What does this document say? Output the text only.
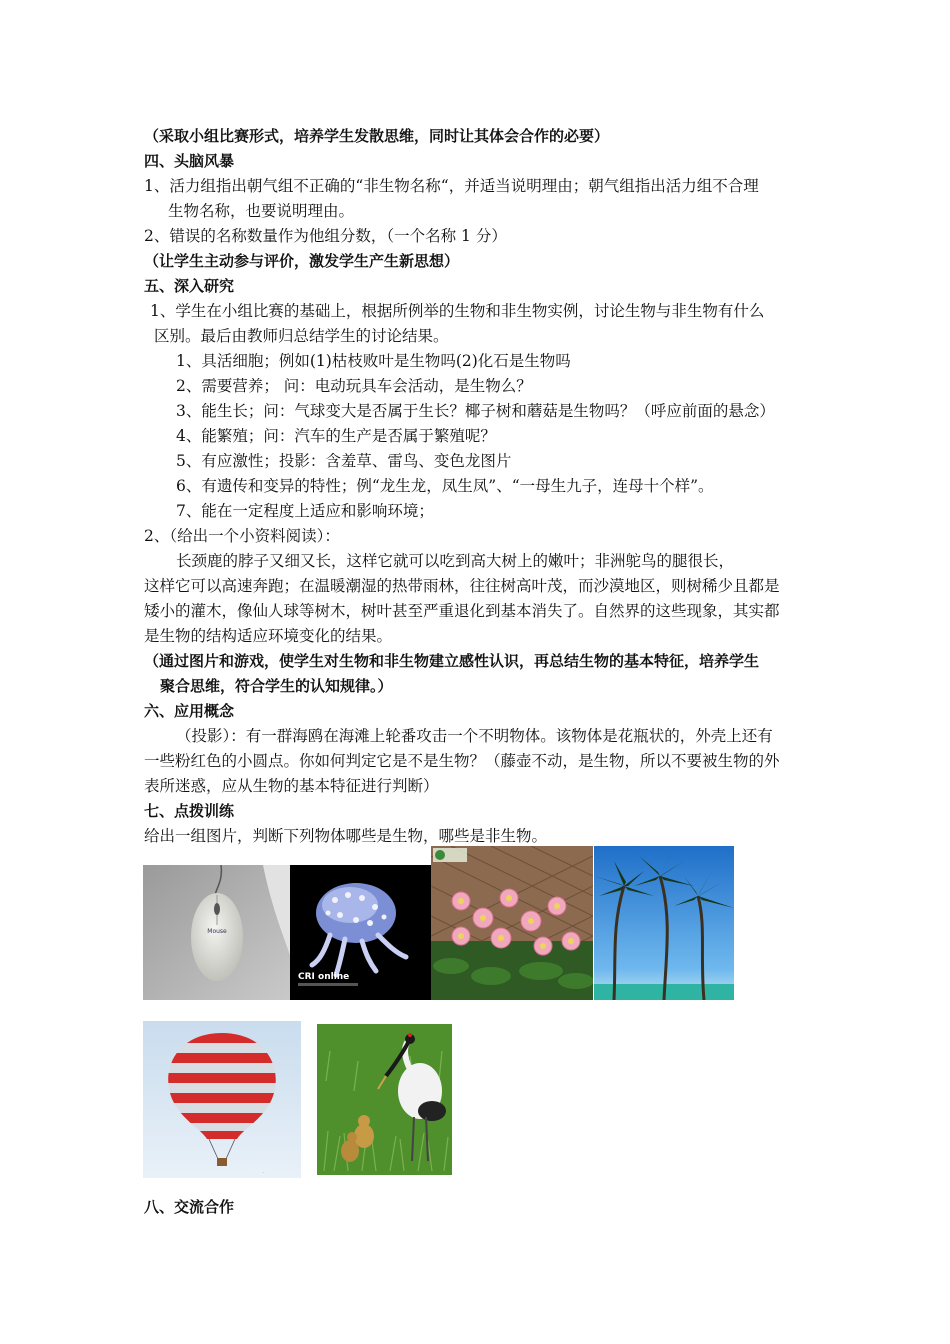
（采取小组比赛形式，培养学生发散思维，同时让其体会合作的必要）
四、头脑风暴
1、活力组指出朝气组不正确的“非生物名称“，并适当说明理由；朝气组指出活力组不合理
生物名称，也要说明理由。
2、错误的名称数量作为他组分数，（一个名称 1 分）
（让学生主动参与评价，激发学生产生新思想）
五、深入研究
1、学生在小组比赛的基础上，根据所例举的生物和非生物实例，讨论生物与非生物有什么
区别。最后由教师归总结学生的讨论结果。
1、具活细胞；例如(1)枯枝败叶是生物吗(2)化石是生物吗
2、需要营养； 问：电动玩具车会活动，是生物么？
3、能生长；问：气球变大是否属于生长？椰子树和蘑菇是生物吗？（呼应前面的悬念）
4、能繁殖；问：汽车的生产是否属于繁殖呢？
5、有应激性；投影：含羞草、雷鸟、变色龙图片
6、有遗传和变异的特性；例“龙生龙，凤生凤”、“一母生九子，连母十个样”。
7、能在一定程度上适应和影响环境；
2、（给出一个小资料阅读）：
长颈鹿的脖子又细又长，这样它就可以吃到高大树上的嫩叶；非洲鸵鸟的腿很长，
这样它可以高速奔跑；在温暖潮湿的热带雨林，往往树高叶茂，而沙漠地区，则树稀少且都是
矮小的灌木，像仙人球等树木，树叶甚至严重退化到基本消失了。自然界的这些现象，其实都
是生物的结构适应环境变化的结果。
（通过图片和游戏，使学生对生物和非生物建立感性认识，再总结生物的基本特征，培养学生
聚合思维，符合学生的认知规律。）
六、应用概念
（投影）：有一群海鸥在海滩上轮番攻击一个不明物体。该物体是花瓶状的，外壳上还有
一些粉红色的小圆点。你如何判定它是不是生物？（藤壶不动，是生物，所以不要被生物的外
表所迷惑，应从生物的基本特征进行判断）
七、点拨训练
给出一组图片，判断下列物体哪些是生物，哪些是非生物。
Mouse
CRI online
·
八、交流合作
